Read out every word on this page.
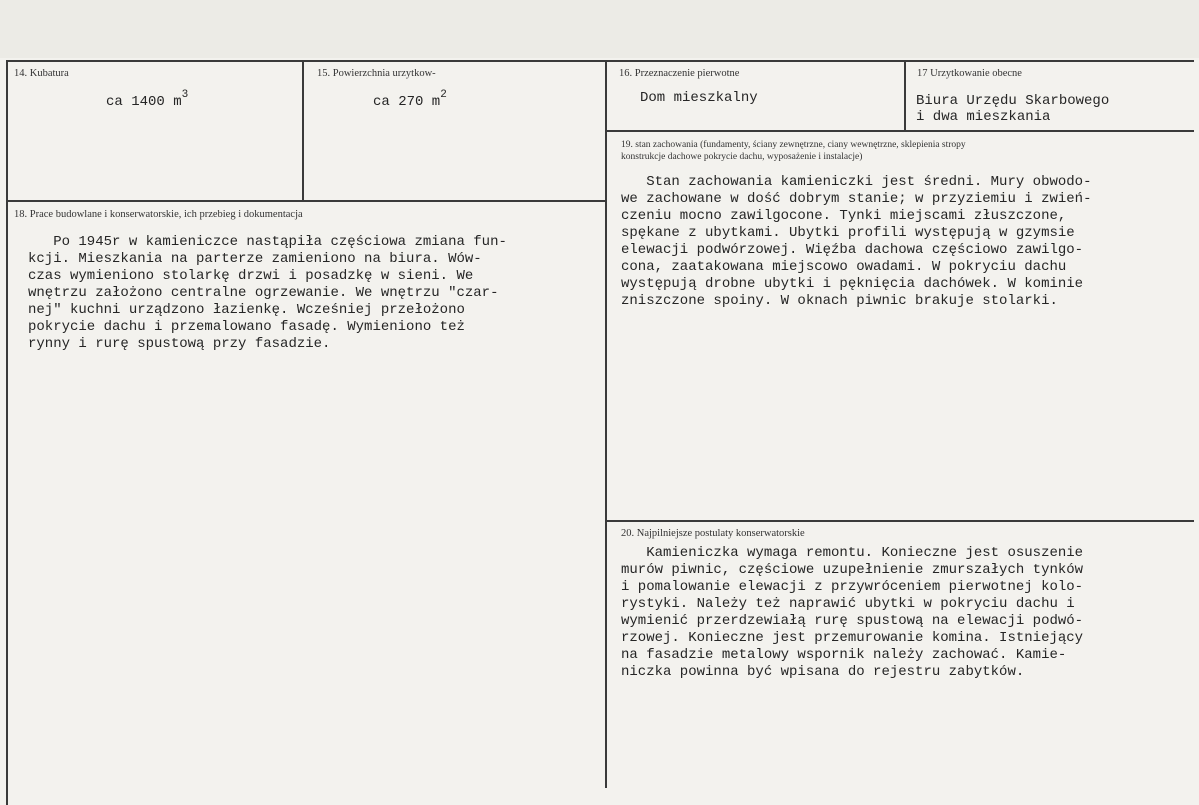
14. Kubatura
ca 1400 $m^3$
15. Powierzchnia urzytkow-
ca 270 $m^2$
16. Przeznaczenie pierwotne
Dom mieszkalny
17 Urzytkowanie obecne
Biura Urzędu Skarbowego
i dwa mieszkania
18. Prace budowlane i konserwatorskie, ich przebieg i dokumentacja
Po 1945r w kamieniczce nastąpiła częściowa zmiana fun-
kcji. Mieszkania na parterze zamieniono na biura. Wów-
czas wymieniono stolarkę drzwi i posadzkę w sieni. We
wnętrzu założono centralne ogrzewanie. We wnętrzu "czar-
nej" kuchni urządzono łazienkę. Wcześniej przełożono
pokrycie dachu i przemalowano fasadę. Wymieniono też
rynny i rurę spustową przy fasadzie.
19. stan zachowania (fundamenty, ściany zewnętrzne, ciany wewnętrzne, sklepienia stropy
konstrukcje dachowe pokrycie dachu, wyposażenie i instalacje)
Stan zachowania kamieniczki jest średni. Mury obwodo-
we zachowane w dość dobrym stanie; w przyziemiu i zwień-
czeniu mocno zawilgocone. Tynki miejscami złuszczone,
spękane z ubytkami. Ubytki profili występują w gzymsie
elewacji podwórzowej. Więźba dachowa częściowo zawilgo-
cona, zaatakowana miejscowo owadami. W pokryciu dachu
występują drobne ubytki i pęknięcia dachówek. W kominie
zniszczone spoiny. W oknach piwnic brakuje stolarki.
20. Najpilniejsze postulaty konserwatorskie
Kamieniczka wymaga remontu. Konieczne jest osuszenie
murów piwnic, częściowe uzupełnienie zmurszałych tynków
i pomalowanie elewacji z przywróceniem pierwotnej kolo-
rystyki. Należy też naprawić ubytki w pokryciu dachu i
wymienić przerdzewiałą rurę spustową na elewacji podwó-
rzowej. Konieczne jest przemurowanie komina. Istniejący
na fasadzie metalowy wspornik należy zachować. Kamie-
niczka powinna być wpisana do rejestru zabytków.
